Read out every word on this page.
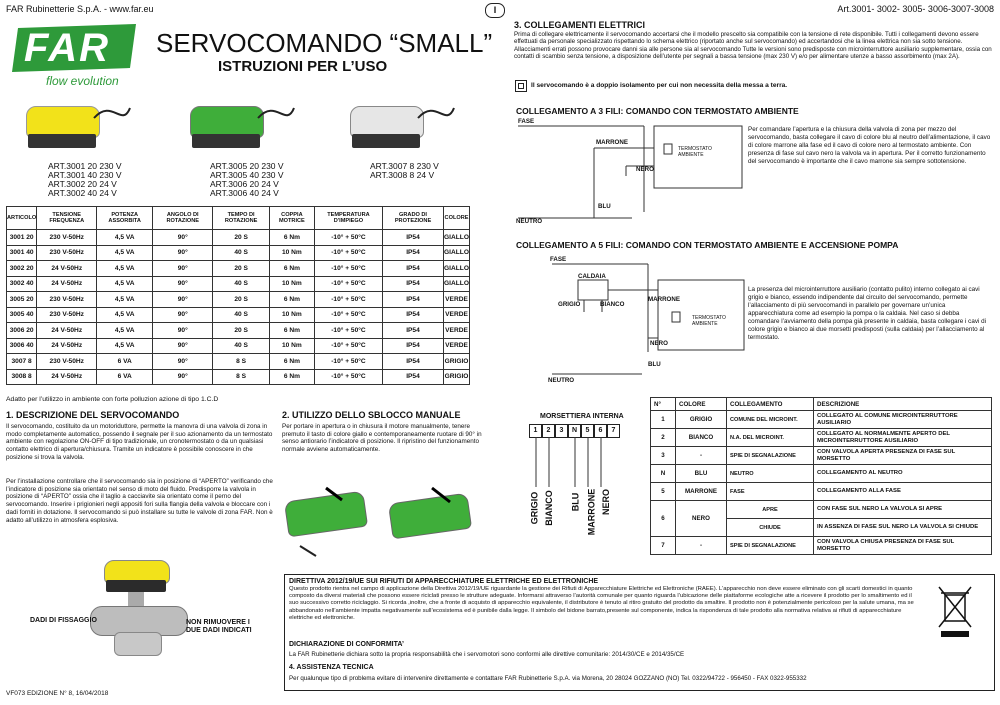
FAR Rubinetterie S.p.A. - www.far.eu	I	Art.3001- 3002- 3005- 3006-3007-3008
FAR
flow evolution
SERVOCOMANDO “SMALL”
ISTRUZIONI PER L’USO
ART.3001 20 230 V
ART.3001 40 230 V
ART.3002 20 24 V
ART.3002 40 24 V
ART.3005 20 230 V
ART.3005 40 230 V
ART.3006 20 24 V
ART.3006 40 24 V
ART.3007 8 230 V
ART.3008 8 24 V
ARTICOLO	TENSIONE FREQUENZA	POTENZA ASSORBITA	ANGOLO DI ROTAZIONE	TEMPO DI ROTAZIONE	COPPIA MOTRICE	TEMPERATURA D'IMPIEGO	GRADO DI PROTEZIONE	COLORE
3001 20	230 V-50Hz	4,5 VA	90°	20 S	6 Nm	-10° + 50°C	IP54	GIALLO
3001 40	230 V-50Hz	4,5 VA	90°	40 S	10 Nm	-10° + 50°C	IP54	GIALLO
3002 20	24 V-50Hz	4,5 VA	90°	20 S	6 Nm	-10° + 50°C	IP54	GIALLO
3002 40	24 V-50Hz	4,5 VA	90°	40 S	10 Nm	-10° + 50°C	IP54	GIALLO
3005 20	230 V-50Hz	4,5 VA	90°	20 S	6 Nm	-10° + 50°C	IP54	VERDE
3005 40	230 V-50Hz	4,5 VA	90°	40 S	10 Nm	-10° + 50°C	IP54	VERDE
3006 20	24 V-50Hz	4,5 VA	90°	20 S	6 Nm	-10° + 50°C	IP54	VERDE
3006 40	24 V-50Hz	4,5 VA	90°	40 S	10 Nm	-10° + 50°C	IP54	VERDE
3007 8	230 V-50Hz	6 VA	90°	8 S	6 Nm	-10° + 50°C	IP54	GRIGIO
3008 8	24 V-50Hz	6 VA	90°	8 S	6 Nm	-10° + 50°C	IP54	GRIGIO
Adatto per l’utilizzo in ambiente con forte polluzion azione di tipo 1.C.D
1. DESCRIZIONE DEL SERVOCOMANDO
Il servocomando, costituito da un motoriduttore, permette la manovra di una valvola di zona in modo completamente automatico, possendo il segnale per il suo azionamento da un termostato ambiente con regolazione ON-OFF di tipo tradizionale, un cronotermostato o da un qualsiasi contatto elettrico di apertura/chiusura. Tramite un indicatore è possibile conoscere in che posizione si trova la valvola.
Per l’installazione controllare che il servocomando sia in posizione di “APERTO” verificando che l’indicatore di posizione sia orientato nel senso di moto del fluido. Predisporre la valvola in posizione di “APERTO” ossia che il taglio a cacciavite sia orientato come il perno del servocomando. Inserire i prigionieri negli appositi fori sulla flangia della valvola e bloccare con i dadi forniti in dotazione. Il servocomando si può installare su tutte le valvole di zona FAR. Non è adatto all’utilizzo in atmosfera esplosiva.
DADI DI FISSAGGIO	NON RIMUOVERE I DUE DADI INDICATI
VF073 EDIZIONE N° 8, 16/04/2018
2. UTILIZZO DELLO SBLOCCO MANUALE
Per portare in apertura o in chiusura il motore manualmente, tenere premuto il tasto di colore giallo e contemporaneamente ruotare di 90° in senso antiorario l’indicatore di posizione. Il ripristino del funzionamento normale avviene automaticamente.
MORSETTIERA INTERNA
1	2	3	N	5	6	7
GRIGIO BIANCO BLU MARRONE NERO
N°	COLORE	COLLEGAMENTO	DESCRIZIONE
1	GRIGIO	COMUNE DEL MICROINT.	COLLEGATO AL COMUNE MICROINTERRUTTORE AUSILIARIO
2	BIANCO	N.A. DEL MICROINT.	COLLEGATO AL NORMALMENTE APERTO DEL MICROINTERRUTTORE AUSILIARIO
3	-	SPIE DI SEGNALAZIONE	CON VALVOLA APERTA PRESENZA DI FASE SUL MORSETTO
N	BLU	NEUTRO	COLLEGAMENTO AL NEUTRO
5	MARRONE	FASE	COLLEGAMENTO ALLA FASE
6	NERO	APRE	CON FASE SUL NERO LA VALVOLA SI APRE
		CHIUDE	IN ASSENZA DI FASE SUL NERO LA VALVOLA SI CHIUDE
7	-	SPIE DI SEGNALAZIONE	CON VALVOLA CHIUSA PRESENZA DI FASE SUL MORSETTO
3. COLLEGAMENTI ELETTRICI
Prima di collegare elettricamente il servocomando accertarsi che il modello prescelto sia compatibile con la tensione di rete disponibile. Tutti i collegamenti devono essere effettuati da personale specializzato rispettando lo schema elettrico (riportato anche sul servocomando) ed accertandosi che la linea elettrica non sia sotto tensione. Allacciamenti errati possono provocare danni sia alle persone sia al servocomando Tutte le versioni sono predisposte con microinterruttore ausiliario supplementare, ossia con contatti di scambio senza tensione, a disposizione dell’utente per segnali a bassa tensione (max 230 V) e/o per alimentare utenze a basso assorbimento (max 2A).
Il servocomando è a doppio isolamento per cui non necessita della messa a terra.
COLLEGAMENTO A 3 FILI: COMANDO CON TERMOSTATO AMBIENTE
FASE
MARRONE
NERO
BLU
NEUTRO
TERMOSTATO AMBIENTE
Per comandare l’apertura e la chiusura della valvola di zona per mezzo del servocomando, basta collegare il cavo di colore blu al neutro dell’alimentazione, il cavo di colore marrone alla fase ed il cavo di colore nero al termostato ambiente. Con presenza di fase sul cavo nero la valvola va in apertura. Per il corretto funzionamento del servocomando è importante che il cavo marrone sia sempre sottotensione.
COLLEGAMENTO A 5 FILI: COMANDO CON TERMOSTATO AMBIENTE E ACCENSIONE POMPA
FASE
CALDAIA
GRIGIO	BIANCO
MARRONE
NERO
BLU
NEUTRO
TERMOSTATO AMBIENTE
La presenza del microinterruttore ausiliario (contatto pulito) interno collegato ai cavi grigio e bianco, essendo indipendente dal circuito del servocomando, permette l’allacciamento di più servocomandi in parallelo per governare un’unica apparecchiatura come ad esempio la pompa o la caldaia. Nel caso si debba comandare l’avviamento della pompa già presente in caldaia, basta collegare i cavi di colore grigio e bianco ai due morsetti predisposti (sulla caldaia) per l’allacciamento al termostato.
DIRETTIVA 2012/19/UE SUI RIFIUTI DI APPARECCHIATURE ELETTRICHE ED ELETTRONICHE
Questo prodotto rientra nel campo di applicazione della Direttiva 2012/19/UE riguardante la gestione dei Rifiuti di Apparecchiature Elettriche ed Elettroniche (RAEE). L’apparecchio non deve essere eliminato con gli scarti domestici in quanto composto da diversi materiali che possono essere riciclati presso le strutture adeguate. Informarsi attraverso l’autorità comunale per quanto riguarda l’ubicazione delle piattaforme ecologiche atte a ricevere il prodotto per lo smaltimento ed il suo successivo corretto riciclaggio. Si ricorda ,inoltre, che a fronte di acquisto di apparecchio equivalente, il distributore è tenuto al ritiro gratuito del prodotto da smaltire. Il prodotto non è potenzialmente pericoloso per la salute umana, ma se abbandonato nell’ambiente impatta negativamente sull’ecosistema ed è punibile dalla legge. Il simbolo del bidone barrato,presente sul componente, indica la rispondenza di tale prodotto alla normativa relativa ai rifiuti di apparecchiature elettriche ed elettroniche.
DICHIARAZIONE DI CONFORMITA’
La FAR Rubinetterie dichiara sotto la propria responsabilità che i servomotori sono conformi alle direttive comunitarie: 2014/30/CE e 2014/35/CE
4. ASSISTENZA TECNICA
Per qualunque tipo di problema evitare di intervenire direttamente e contattare FAR Rubinetterie S.p.A. via Morena, 20 28024 GOZZANO (NO) Tel. 0322/94722 - 956450 - FAX 0322-955332
